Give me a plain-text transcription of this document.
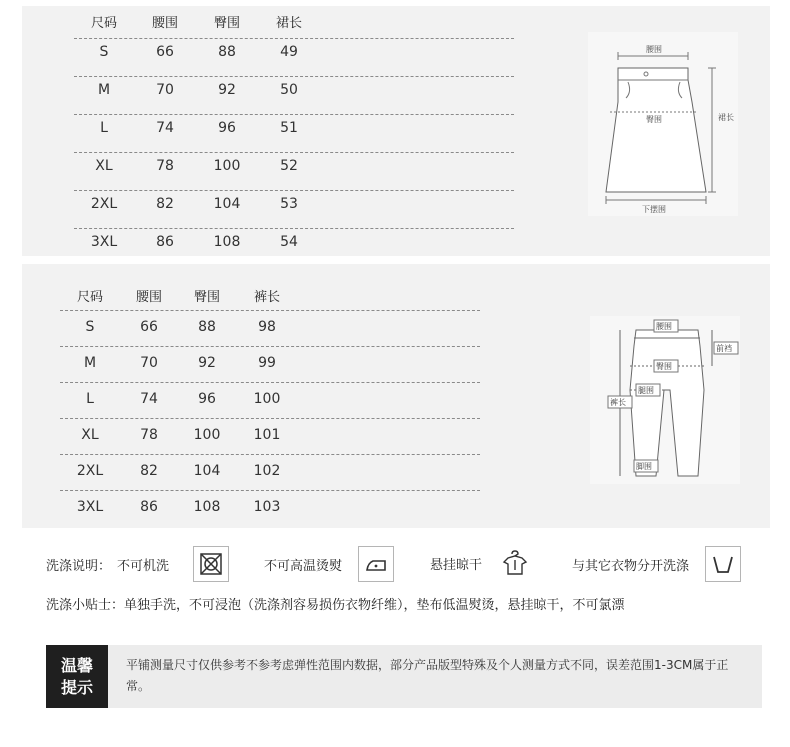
尺码	腰围	臀围	裙长
S	66	88	49
M	70	92	50
L	74	96	51
XL	78	100	52
2XL	82	104	53
3XL	86	108	54
腰围
臀围	裙长
下摆围
尺码	腰围	臀围	裤长
S	66	88	98
M	70	92	99
L	74	96	100
XL	78	100	101
2XL	82	104	102
3XL	86	108	103
腰围
前裆
臀围
腿围
裤长
脚围
洗涤说明： 不可机洗	不可高温烫熨	悬挂晾干	与其它衣物分开洗涤
洗涤小贴士：单独手洗，不可浸泡（洗涤剂容易损伤衣物纤维），垫布低温熨烫，悬挂晾干，不可氯漂
温馨
提示
平铺测量尺寸仅供参考不参考虑弹性范围内数据，部分产品版型特殊及个人测量方式不同，误差范围1-3CM属于正常。
